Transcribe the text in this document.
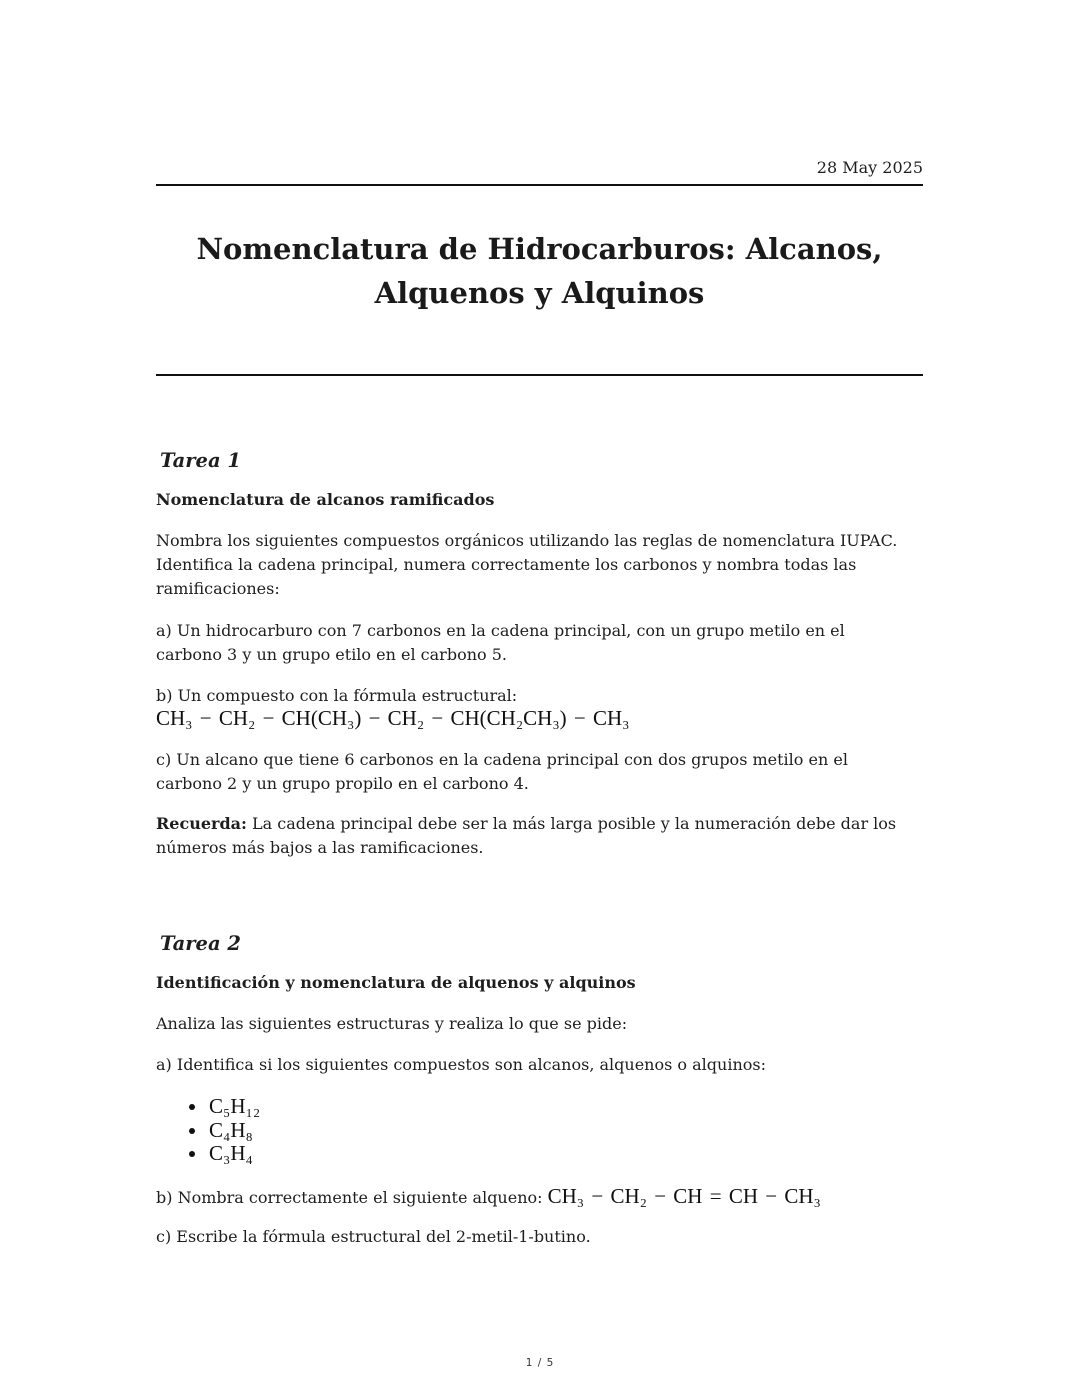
28 May 2025
Nomenclatura de Hidrocarburos: Alcanos, Alquenos y Alquinos
Tarea 1
Nomenclatura de alcanos ramificados
Nombra los siguientes compuestos orgánicos utilizando las reglas de nomenclatura IUPAC.
Identifica la cadena principal, numera correctamente los carbonos y nombra todas las
ramificaciones:
a) Un hidrocarburo con 7 carbonos en la cadena principal, con un grupo metilo en el
carbono 3 y un grupo etilo en el carbono 5.
b) Un compuesto con la fórmula estructural:
CH₃ − CH₂ − CH(CH₃) − CH₂ − CH(CH₂CH₃) − CH₃
c) Un alcano que tiene 6 carbonos en la cadena principal con dos grupos metilo en el
carbono 2 y un grupo propilo en el carbono 4.
Recuerda: La cadena principal debe ser la más larga posible y la numeración debe dar los
números más bajos a las ramificaciones.
Tarea 2
Identificación y nomenclatura de alquenos y alquinos
Analiza las siguientes estructuras y realiza lo que se pide:
a) Identifica si los siguientes compuestos son alcanos, alquenos o alquinos:
C₅H₁₂
C₄H₈
C₃H₄
b) Nombra correctamente el siguiente alqueno: CH₃ − CH₂ − CH = CH − CH₃
c) Escribe la fórmula estructural del 2-metil-1-butino.
1 / 5
